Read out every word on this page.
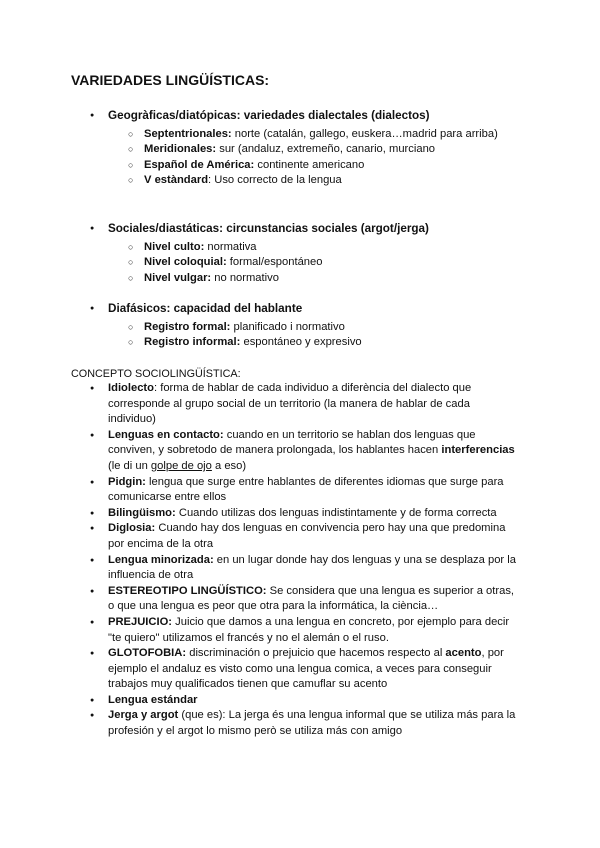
VARIEDADES LINGÜÍSTICAS:
● Geogràficas/diatópicas: variedades dialectales (dialectos)
○ Septentrionales: norte (catalán, gallego, euskera…madrid para arriba)
○ Meridionales: sur (andaluz, extremeño, canario, murciano
○ Español de América: continente americano
○ V estàndard: Uso correcto de la lengua
● Sociales/diastáticas: circunstancias sociales (argot/jerga)
○ Nivel culto: normativa
○ Nivel coloquial: formal/espontáneo
○ Nivel vulgar: no normativo
● Diafásicos: capacidad del hablante
○ Registro formal: planificado i normativo
○ Registro informal: espontáneo y expresivo

CONCEPTO SOCIOLINGÜÍSTICA:

● Idiolecto: forma de hablar de cada individuo a diferència del dialecto que corresponde al grupo social de un territorio (la manera de hablar de cada individuo)
● Lenguas en contacto: cuando en un territorio se hablan dos lenguas que conviven, y sobretodo de manera prolongada, los hablantes hacen interferencias (le di un golpe de ojo a eso)
● Pidgin: lengua que surge entre hablantes de diferentes idiomas que surge para comunicarse entre ellos
● Bilingüismo: Cuando utilizas dos lenguas indistintamente y de forma correcta
● Diglosia: Cuando hay dos lenguas en convivencia pero hay una que predomina por encima de la otra
● Lengua minorizada: en un lugar donde hay dos lenguas y una se desplaza por la influencia de otra
● ESTEREOTIPO LINGÜÍSTICO: Se considera que una lengua es superior a otras, o que una lengua es peor que otra para la informática, la ciència…
● PREJUICIO: Juicio que damos a una lengua en concreto, por ejemplo para decir "te quiero" utilizamos el francés y no el alemán o el ruso.
● GLOTOFOBIA: discriminación o prejuicio que hacemos respecto al acento, por ejemplo el andaluz es visto como una lengua comica, a veces para conseguir trabajos muy qualificados tienen que camuflar su acento
● Lengua estándar
● Jerga y argot (que es): La jerga és una lengua informal que se utiliza más para la profesión y el argot lo mismo però se utiliza más con amigo
